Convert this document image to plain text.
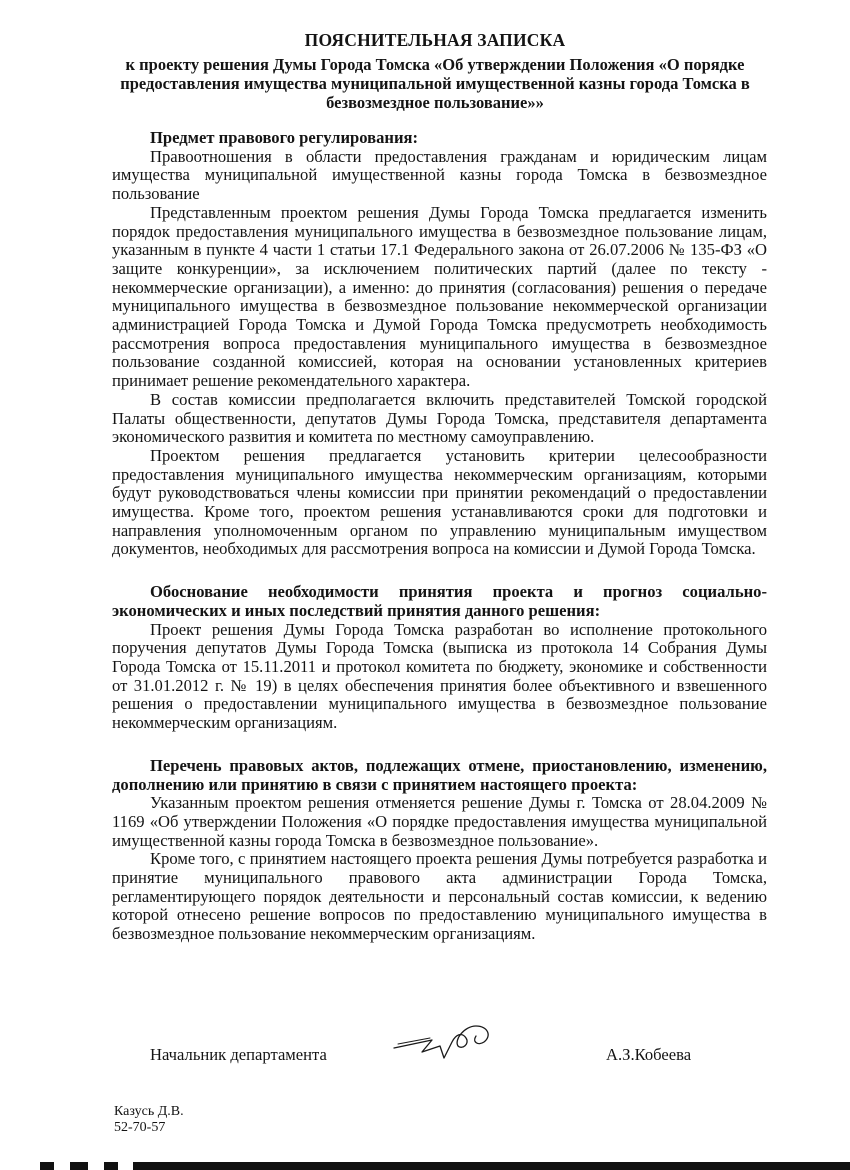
ПОЯСНИТЕЛЬНАЯ ЗАПИСКА
к проекту решения Думы Города Томска «Об утверждении Положения «О порядке предоставления имущества муниципальной имущественной казны города Томска в безвозмездное пользование»»
Предмет правового регулирования:

Правоотношения в области предоставления гражданам и юридическим лицам имущества муниципальной имущественной казны города Томска в безвозмездное пользование

Представленным проектом решения Думы Города Томска предлагается изменить порядок предоставления муниципального имущества в безвозмездное пользование лицам, указанным в пункте 4 части 1 статьи 17.1 Федерального закона от 26.07.2006 № 135-ФЗ «О защите конкуренции», за исключением политических партий (далее по тексту - некоммерческие организации), а именно: до принятия (согласования) решения о передаче муниципального имущества в безвозмездное пользование некоммерческой организации администрацией Города Томска и Думой Города Томска предусмотреть необходимость рассмотрения вопроса предоставления муниципального имущества в безвозмездное пользование созданной комиссией, которая на основании установленных критериев принимает решение рекомендательного характера.

В состав комиссии предполагается включить представителей Томской городской Палаты общественности, депутатов Думы Города Томска, представителя департамента экономического развития и комитета по местному самоуправлению.

Проектом решения предлагается установить критерии целесообразности предоставления муниципального имущества некоммерческим организациям, которыми будут руководствоваться члены комиссии при принятии рекомендаций о предоставлении имущества. Кроме того, проектом решения устанавливаются сроки для подготовки и направления уполномоченным органом по управлению муниципальным имуществом документов, необходимых для рассмотрения вопроса на комиссии и Думой Города Томска.

Обоснование необходимости принятия проекта и прогноз социально-экономических и иных последствий принятия данного решения:

Проект решения Думы Города Томска разработан во исполнение протокольного поручения депутатов Думы Города Томска (выписка из протокола 14 Собрания Думы Города Томска от 15.11.2011 и протокол комитета по бюджету, экономике и собственности от 31.01.2012 г. № 19) в целях обеспечения принятия более объективного и взвешенного решения о предоставлении муниципального имущества в безвозмездное пользование некоммерческим организациям.

Перечень правовых актов, подлежащих отмене, приостановлению, изменению, дополнению или принятию в связи с принятием настоящего проекта:

Указанным проектом решения отменяется решение Думы г. Томска от 28.04.2009 № 1169 «Об утверждении Положения «О порядке предоставления имущества муниципальной имущественной казны города Томска в безвозмездное пользование».

Кроме того, с принятием настоящего проекта решения Думы потребуется разработка и принятие муниципального правового акта администрации Города Томска, регламентирующего порядок деятельности и персональный состав комиссии, к ведению которой отнесено решение вопросов по предоставлению муниципального имущества в безвозмездное пользование некоммерческим организациям.

Начальник департамента	А.З.Кобеева
Казусь Д.В.
52-70-57
